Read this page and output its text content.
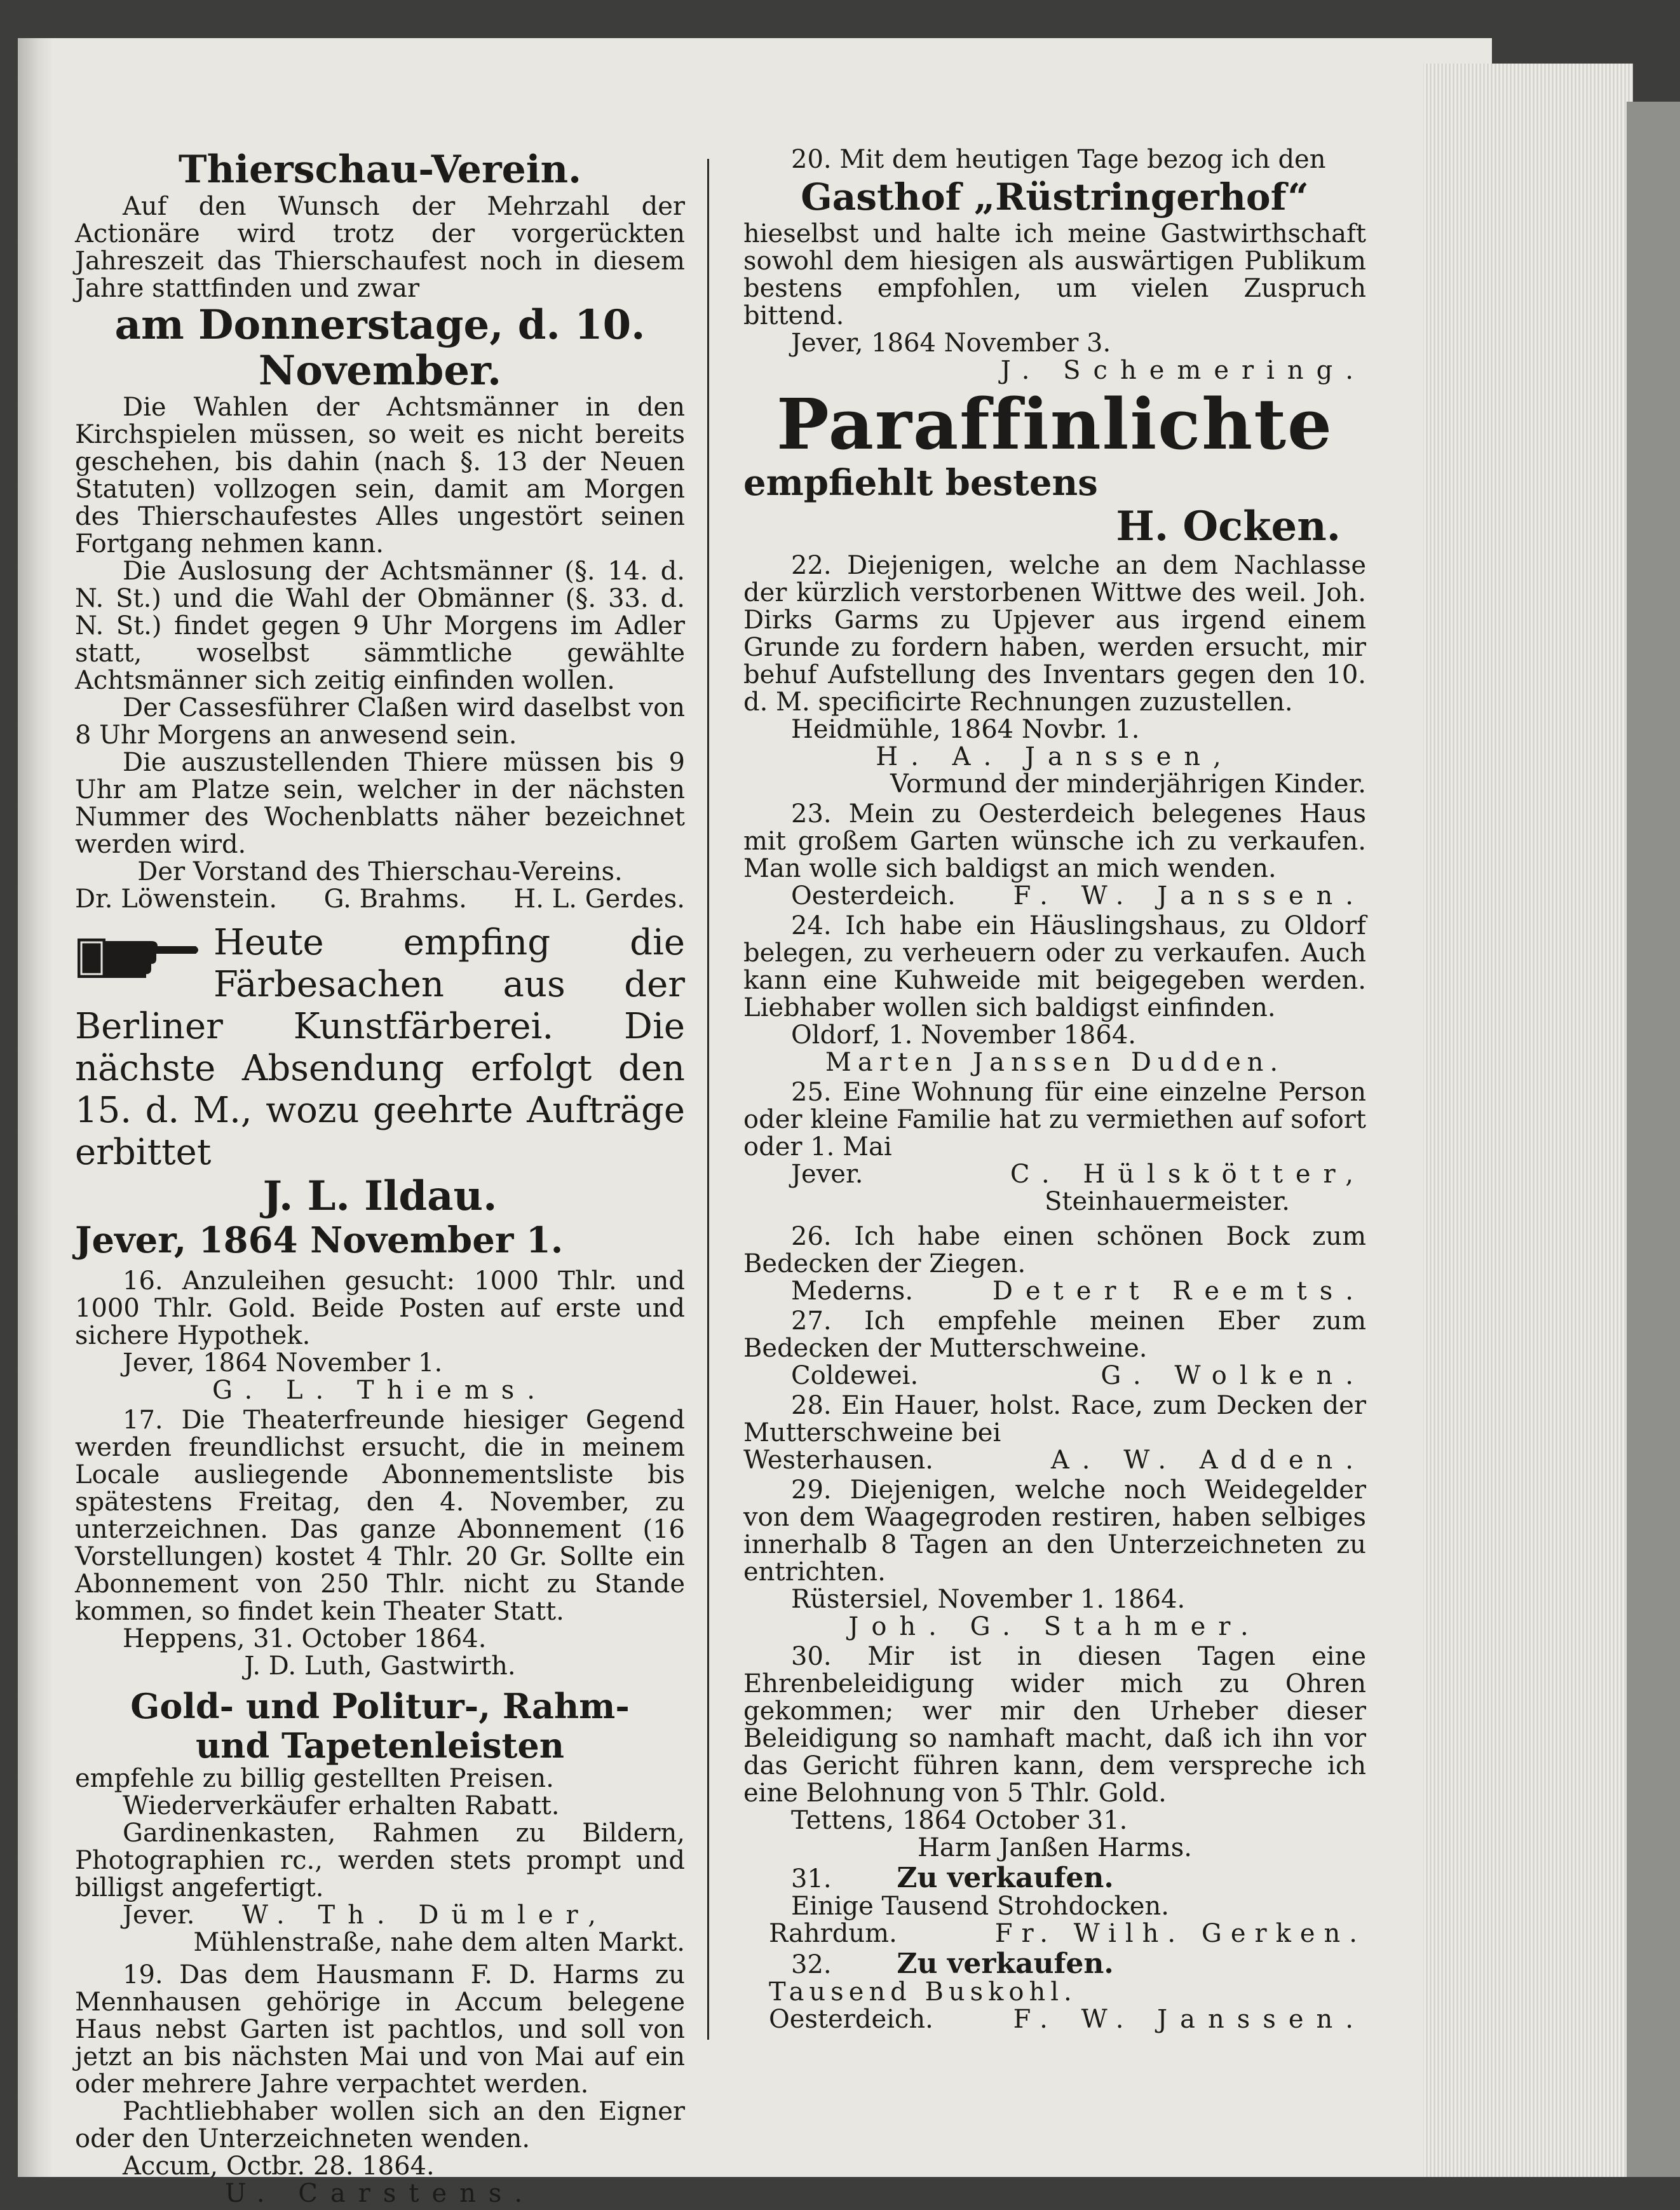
Thierschau-Verein.

Auf den Wunsch der Mehrzahl der Actionäre wird trotz der vorgerückten Jahreszeit das Thierschaufest noch in diesem Jahre stattfinden und zwar

am Donnerstage, d. 10. November.

Die Wahlen der Achtsmänner in den Kirchspielen müssen, so weit es nicht bereits geschehen, bis dahin (nach §. 13 der Neuen Statuten) vollzogen sein, damit am Morgen des Thierschaufestes Alles ungestört seinen Fortgang nehmen kann.

Die Auslosung der Achtsmänner (§. 14. d. N. St.) und die Wahl der Obmänner (§. 33. d. N. St.) findet gegen 9 Uhr Morgens im Adler statt, woselbst sämmtliche gewählte Achtsmänner sich zeitig einfinden wollen.

Der Cassesführer Claßen wird daselbst von 8 Uhr Morgens an anwesend sein.

Die auszustellenden Thiere müssen bis 9 Uhr am Platze sein, welcher in der nächsten Nummer des Wochenblatts näher bezeichnet werden wird.

Der Vorstand des Thierschau-Vereins.

Dr. Löwenstein. G. Brahms. H. L. Gerdes.

Heute empfing die Färbesachen aus der Berliner Kunstfärberei. Die nächste Absendung erfolgt den 15. d. M., wozu geehrte Aufträge erbittet

J. L. Ildau.
Jever, 1864 November 1.

16. Anzuleihen gesucht: 1000 Thlr. und 1000 Thlr. Gold. Beide Posten auf erste und sichere Hypothek.

Jever, 1864 November 1.

G. L. Thiems.

17. Die Theaterfreunde hiesiger Gegend werden freundlichst ersucht, die in meinem Locale ausliegende Abonnementsliste bis spätestens Freitag, den 4. November, zu unterzeichnen. Das ganze Abonnement (16 Vorstellungen) kostet 4 Thlr. 20 Gr. Sollte ein Abonnement von 250 Thlr. nicht zu Stande kommen, so findet kein Theater Statt.

Heppens, 31. October 1864.

J. D. Luth, Gastwirth.

Gold- und Politur-, Rahm-
und Tapetenleisten

empfehle zu billig gestellten Preisen.

Wiederverkäufer erhalten Rabatt.

Gardinenkasten, Rahmen zu Bildern, Photographien rc., werden stets prompt und billigst angefertigt.

Jever. W. Th. Dümler,

Mühlenstraße, nahe dem alten Markt.

19. Das dem Hausmann F. D. Harms zu Mennhausen gehörige in Accum belegene Haus nebst Garten ist pachtlos, und soll von jetzt an bis nächsten Mai und von Mai auf ein oder mehrere Jahre verpachtet werden.

Pachtliebhaber wollen sich an den Eigner oder den Unterzeichneten wenden.

Accum, Octbr. 28. 1864.

U. Carstens.

20. Mit dem heutigen Tage bezog ich den

Gasthof „Rüstringerhof“

hieselbst und halte ich meine Gastwirthschaft sowohl dem hiesigen als auswärtigen Publikum bestens empfohlen, um vielen Zuspruch bittend.

Jever, 1864 November 3.

J. Schemering.

Paraffinlichte
empfiehlt bestens
H. Ocken.

22. Diejenigen, welche an dem Nachlasse der kürzlich verstorbenen Wittwe des weil. Joh. Dirks Garms zu Upjever aus irgend einem Grunde zu fordern haben, werden ersucht, mir behuf Aufstellung des Inventars gegen den 10. d. M. specificirte Rechnungen zuzustellen.

Heidmühle, 1864 Novbr. 1.

H. A. Janssen,

Vormund der minderjährigen Kinder.

23. Mein zu Oesterdeich belegenes Haus mit großem Garten wünsche ich zu verkaufen. Man wolle sich baldigst an mich wenden.

Oesterdeich. F. W. Janssen.

24. Ich habe ein Häuslingshaus, zu Oldorf belegen, zu verheuern oder zu verkaufen. Auch kann eine Kuhweide mit beigegeben werden. Liebhaber wollen sich baldigst einfinden.

Oldorf, 1. November 1864.

Marten Janssen Dudden.

25. Eine Wohnung für eine einzelne Person oder kleine Familie hat zu vermiethen auf sofort oder 1. Mai

Jever.	C. Hülskötter,

Steinhauermeister.

26. Ich habe einen schönen Bock zum Bedecken der Ziegen.

Mederns.	Detert Reemts.

27. Ich empfehle meinen Eber zum Bedecken der Mutterschweine.

Coldewei.	G. Wolken.

28. Ein Hauer, holst. Race, zum Decken der Mutterschweine bei

Westerhausen.	A. W. Adden.

29. Diejenigen, welche noch Weidegelder von dem Waagegroden restiren, haben selbiges innerhalb 8 Tagen an den Unterzeichneten zu entrichten.

Rüstersiel, November 1. 1864.

Joh. G. Stahmer.

30. Mir ist in diesen Tagen eine Ehrenbeleidigung wider mich zu Ohren gekommen; wer mir den Urheber dieser Beleidigung so namhaft macht, daß ich ihn vor das Gericht führen kann, dem verspreche ich eine Belohnung von 5 Thlr. Gold.

Tettens, 1864 October 31.

Harm Janßen Harms.

31. Zu verkaufen.

Einige Tausend Strohdocken.

Rahrdum.	Fr. Wilh. Gerken.

32. Zu verkaufen.

Tausend Buskohl.

Oesterdeich.	F. W. Janssen.
